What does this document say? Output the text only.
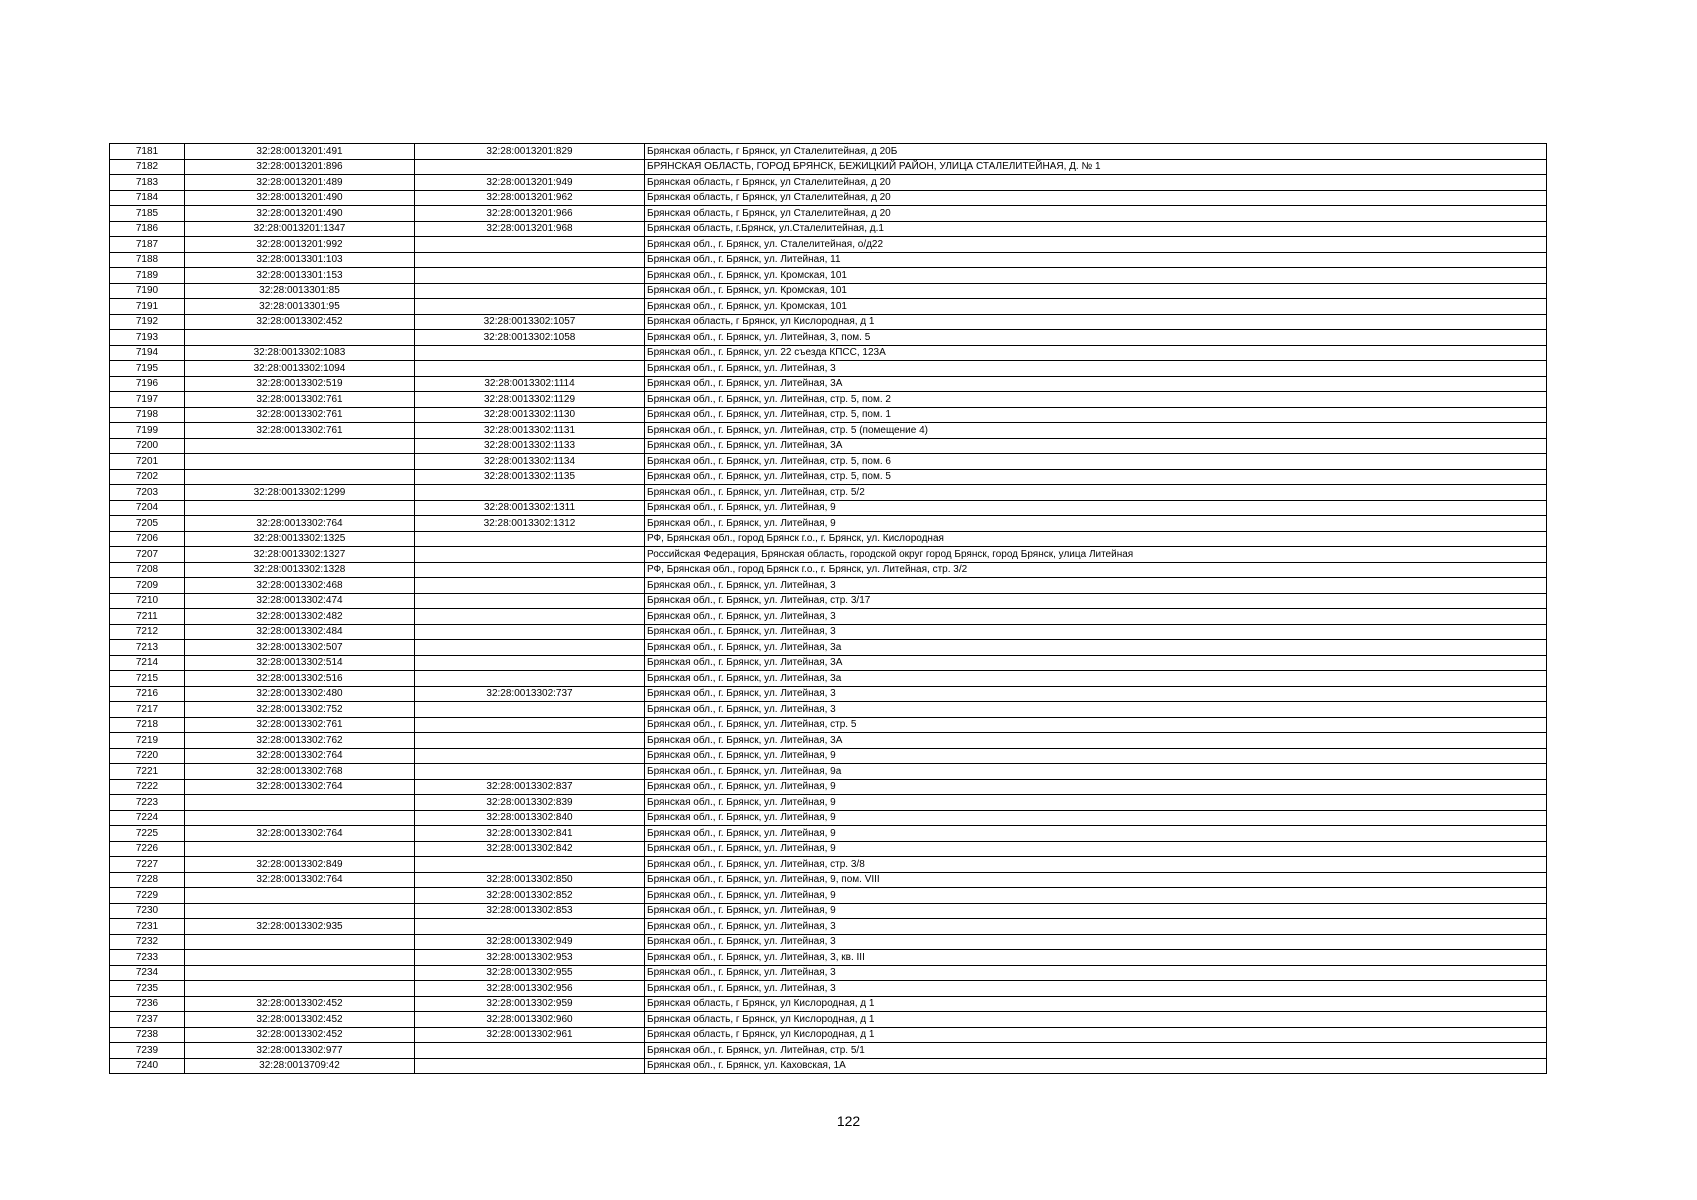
7181	32:28:0013201:491	32:28:0013201:829	Брянская область, г Брянск, ул Сталелитейная, д 20Б
7182	32:28:0013201:896		БРЯНСКАЯ ОБЛАСТЬ, ГОРОД БРЯНСК, БЕЖИЦКИЙ РАЙОН, УЛИЦА СТАЛЕЛИТЕЙНАЯ, Д. № 1
7183	32:28:0013201:489	32:28:0013201:949	Брянская область, г Брянск, ул Сталелитейная, д 20
7184	32:28:0013201:490	32:28:0013201:962	Брянская область, г Брянск, ул Сталелитейная, д 20
7185	32:28:0013201:490	32:28:0013201:966	Брянская область, г Брянск, ул Сталелитейная, д 20
7186	32:28:0013201:1347	32:28:0013201:968	Брянская область, г.Брянск, ул.Сталелитейная, д.1
7187	32:28:0013201:992		Брянская обл., г. Брянск, ул. Сталелитейная, о/д22
7188	32:28:0013301:103		Брянская обл., г. Брянск, ул. Литейная, 11
7189	32:28:0013301:153		Брянская обл., г. Брянск, ул. Кромская, 101
7190	32:28:0013301:85		Брянская обл., г. Брянск, ул. Кромская, 101
7191	32:28:0013301:95		Брянская обл., г. Брянск, ул. Кромская, 101
7192	32:28:0013302:452	32:28:0013302:1057	Брянская область, г Брянск, ул Кислородная, д 1
7193		32:28:0013302:1058	Брянская обл., г. Брянск, ул. Литейная, 3, пом. 5
7194	32:28:0013302:1083		Брянская обл., г. Брянск, ул. 22 съезда КПСС, 123А
7195	32:28:0013302:1094		Брянская обл., г. Брянск, ул. Литейная, 3
7196	32:28:0013302:519	32:28:0013302:1114	Брянская обл., г. Брянск, ул. Литейная, 3А
7197	32:28:0013302:761	32:28:0013302:1129	Брянская обл., г. Брянск, ул. Литейная, стр. 5, пом. 2
7198	32:28:0013302:761	32:28:0013302:1130	Брянская обл., г. Брянск, ул. Литейная, стр. 5, пом. 1
7199	32:28:0013302:761	32:28:0013302:1131	Брянская обл., г. Брянск, ул. Литейная, стр. 5 (помещение 4)
7200		32:28:0013302:1133	Брянская обл., г. Брянск, ул. Литейная, 3А
7201		32:28:0013302:1134	Брянская обл., г. Брянск, ул. Литейная, стр. 5, пом. 6
7202		32:28:0013302:1135	Брянская обл., г. Брянск, ул. Литейная, стр. 5, пом. 5
7203	32:28:0013302:1299		Брянская обл., г. Брянск, ул. Литейная, стр. 5/2
7204		32:28:0013302:1311	Брянская обл., г. Брянск, ул. Литейная, 9
7205	32:28:0013302:764	32:28:0013302:1312	Брянская обл., г. Брянск, ул. Литейная, 9
7206	32:28:0013302:1325		РФ, Брянская обл., город Брянск г.о., г. Брянск, ул. Кислородная
7207	32:28:0013302:1327		Российская Федерация, Брянская область, городской округ город Брянск, город Брянск, улица Литейная
7208	32:28:0013302:1328		РФ, Брянская обл., город Брянск г.о., г. Брянск, ул. Литейная, стр. 3/2
7209	32:28:0013302:468		Брянская обл., г. Брянск, ул. Литейная, 3
7210	32:28:0013302:474		Брянская обл., г. Брянск, ул. Литейная, стр. 3/17
7211	32:28:0013302:482		Брянская обл., г. Брянск, ул. Литейная, 3
7212	32:28:0013302:484		Брянская обл., г. Брянск, ул. Литейная, 3
7213	32:28:0013302:507		Брянская обл., г. Брянск, ул. Литейная, 3а
7214	32:28:0013302:514		Брянская обл., г. Брянск, ул. Литейная, 3А
7215	32:28:0013302:516		Брянская обл., г. Брянск, ул. Литейная, 3а
7216	32:28:0013302:480	32:28:0013302:737	Брянская обл., г. Брянск, ул. Литейная, 3
7217	32:28:0013302:752		Брянская обл., г. Брянск, ул. Литейная, 3
7218	32:28:0013302:761		Брянская обл., г. Брянск, ул. Литейная, стр. 5
7219	32:28:0013302:762		Брянская обл., г. Брянск, ул. Литейная, 3А
7220	32:28:0013302:764		Брянская обл., г. Брянск, ул. Литейная, 9
7221	32:28:0013302:768		Брянская обл., г. Брянск, ул. Литейная, 9а
7222	32:28:0013302:764	32:28:0013302:837	Брянская обл., г. Брянск, ул. Литейная, 9
7223		32:28:0013302:839	Брянская обл., г. Брянск, ул. Литейная, 9
7224		32:28:0013302:840	Брянская обл., г. Брянск, ул. Литейная, 9
7225	32:28:0013302:764	32:28:0013302:841	Брянская обл., г. Брянск, ул. Литейная, 9
7226		32:28:0013302:842	Брянская обл., г. Брянск, ул. Литейная, 9
7227	32:28:0013302:849		Брянская обл., г. Брянск, ул. Литейная, стр. 3/8
7228	32:28:0013302:764	32:28:0013302:850	Брянская обл., г. Брянск, ул. Литейная, 9, пом. VIII
7229		32:28:0013302:852	Брянская обл., г. Брянск, ул. Литейная, 9
7230		32:28:0013302:853	Брянская обл., г. Брянск, ул. Литейная, 9
7231	32:28:0013302:935		Брянская обл., г. Брянск, ул. Литейная, 3
7232		32:28:0013302:949	Брянская обл., г. Брянск, ул. Литейная, 3
7233		32:28:0013302:953	Брянская обл., г. Брянск, ул. Литейная, 3, кв. III
7234		32:28:0013302:955	Брянская обл., г. Брянск, ул. Литейная, 3
7235		32:28:0013302:956	Брянская обл., г. Брянск, ул. Литейная, 3
7236	32:28:0013302:452	32:28:0013302:959	Брянская область, г Брянск, ул Кислородная, д 1
7237	32:28:0013302:452	32:28:0013302:960	Брянская область, г Брянск, ул Кислородная, д 1
7238	32:28:0013302:452	32:28:0013302:961	Брянская область, г Брянск, ул Кислородная, д 1
7239	32:28:0013302:977		Брянская обл., г. Брянск, ул. Литейная, стр. 5/1
7240	32:28:0013709:42		Брянская обл., г. Брянск, ул. Каховская, 1А
122
